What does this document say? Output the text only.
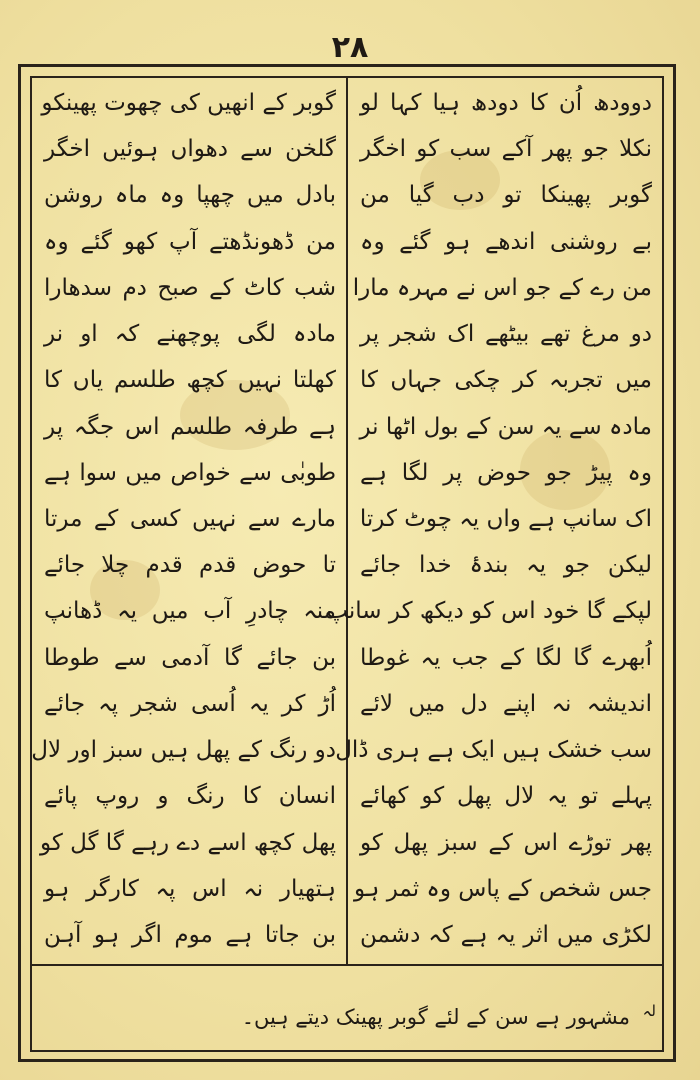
۲۸
دوودھ اُن کا دودھ ہیا کہا لو
نکلا جو پھر آکے سب کو اخگر
گوبر پھینکا تو دب گیا من
بے روشنی اندھے ہو گئے وہ
من رے کے جو اس نے مہرہ مارا
دو مرغ تھے بیٹھے اک شجر پر
میں تجربہ کر چکی جہاں کا
مادہ سے یہ سن کے بول اٹھا نر
وہ پیڑ جو حوض پر لگا ہے
اک سانپ ہے واں یہ چوٹ کرتا
لیکن جو یہ بندۂ خدا جائے
لپکے گا خود اس کو دیکھ کر سانپ
اُبھرے گا لگا کے جب یہ غوطا
اندیشہ نہ اپنے دل میں لائے
سب خشک ہیں ایک ہے ہری ڈال
پہلے تو یہ لال پھل کو کھائے
پھر توڑے اس کے سبز پھل کو
جس شخص کے پاس وہ ثمر ہو
لکڑی میں اثر یہ ہے کہ دشمن
گوبر کے انھیں کی چھوت پھینکو
گلخن سے دھواں ہوئیں اخگر
بادل میں چھپا وہ ماہ روشن
من ڈھونڈھتے آپ کھو گئے وہ
شب کاٹ کے صبح دم سدھارا
مادہ لگی پوچھنے کہ او نر
کھلتا نہیں کچھ طلسم یاں کا
ہے طرفہ طلسم اس جگہ پر
طوبٰی سے خواص میں سوا ہے
مارے سے نہیں کسی کے مرتا
تا حوض قدم قدم چلا جائے
منہ چادرِ آب میں یہ ڈھانپ
بن جائے گا آدمی سے طوطا
اُڑ کر یہ اُسی شجر پہ جائے
دو رنگ کے پھل ہیں سبز اور لال
انسان کا رنگ و روپ پائے
پھل کچھ اسے دے رہے گا گل کو
ہتھیار نہ اس پہ کارگر ہو
بن جاتا ہے موم اگر ہو آہن
$^{لہ}$ مشہور ہے سن کے لئے گوبر پھینک دیتے ہیں۔
